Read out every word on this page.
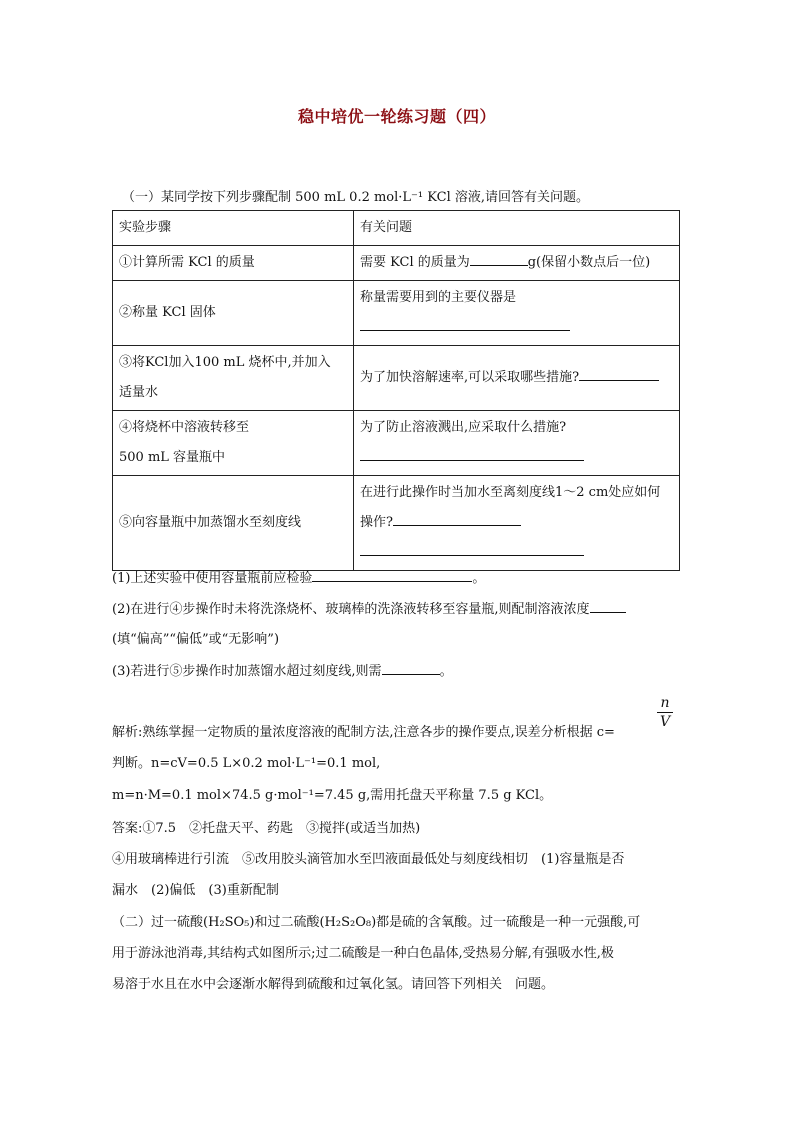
稳中培优一轮练习题（四）
（一）某同学按下列步骤配制 500 mL 0.2 mol·L⁻¹ KCl 溶液,请回答有关问题。
实验步骤	有关问题
①计算所需 KCl 的质量	需要 KCl 的质量为 g(保留小数点后一位)
②称量 KCl 固体	称量需要用到的主要仪器是

③将KCl加入100 mL 烧杯中,并加入
适量水	为了加快溶解速率,可以采取哪些措施?

④将烧杯中溶液转移至
500 mL 容量瓶中	为了防止溶液溅出,应采取什么措施?

⑤向容量瓶中加蒸馏水至刻度线	在进行此操作时当加水至离刻度线1～2 cm处应如何
操作?
(1)上述实验中使用容量瓶前应检验	。
(2)在进行④步操作时未将洗涤烧杯、玻璃棒的洗涤液转移至容量瓶,则配制溶液浓度
(填“偏高”“偏低”或“无影响”)
(3)若进行⑤步操作时加蒸馏水超过刻度线,则需	。
解析:熟练掌握一定物质的量浓度溶液的配制方法,注意各步的操作要点,误差分析根据 c=
n
V
判断。n=cV=0.5 L×0.2 mol·L⁻¹=0.1 mol,
m=n·M=0.1 mol×74.5 g·mol⁻¹=7.45 g,需用托盘天平称量 7.5 g KCl。
答案:①7.5　②托盘天平、药匙　③搅拌(或适当加热)
④用玻璃棒进行引流　⑤改用胶头滴管加水至凹液面最低处与刻度线相切　(1)容量瓶是否
漏水　(2)偏低　(3)重新配制
（二）过一硫酸(H₂SO₅)和过二硫酸(H₂S₂O₈)都是硫的含氧酸。过一硫酸是一种一元强酸,可
用于游泳池消毒,其结构式如图所示;过二硫酸是一种白色晶体,受热易分解,有强吸水性,极
易溶于水且在水中会逐渐水解得到硫酸和过氧化氢。请回答下列相关　问题。
